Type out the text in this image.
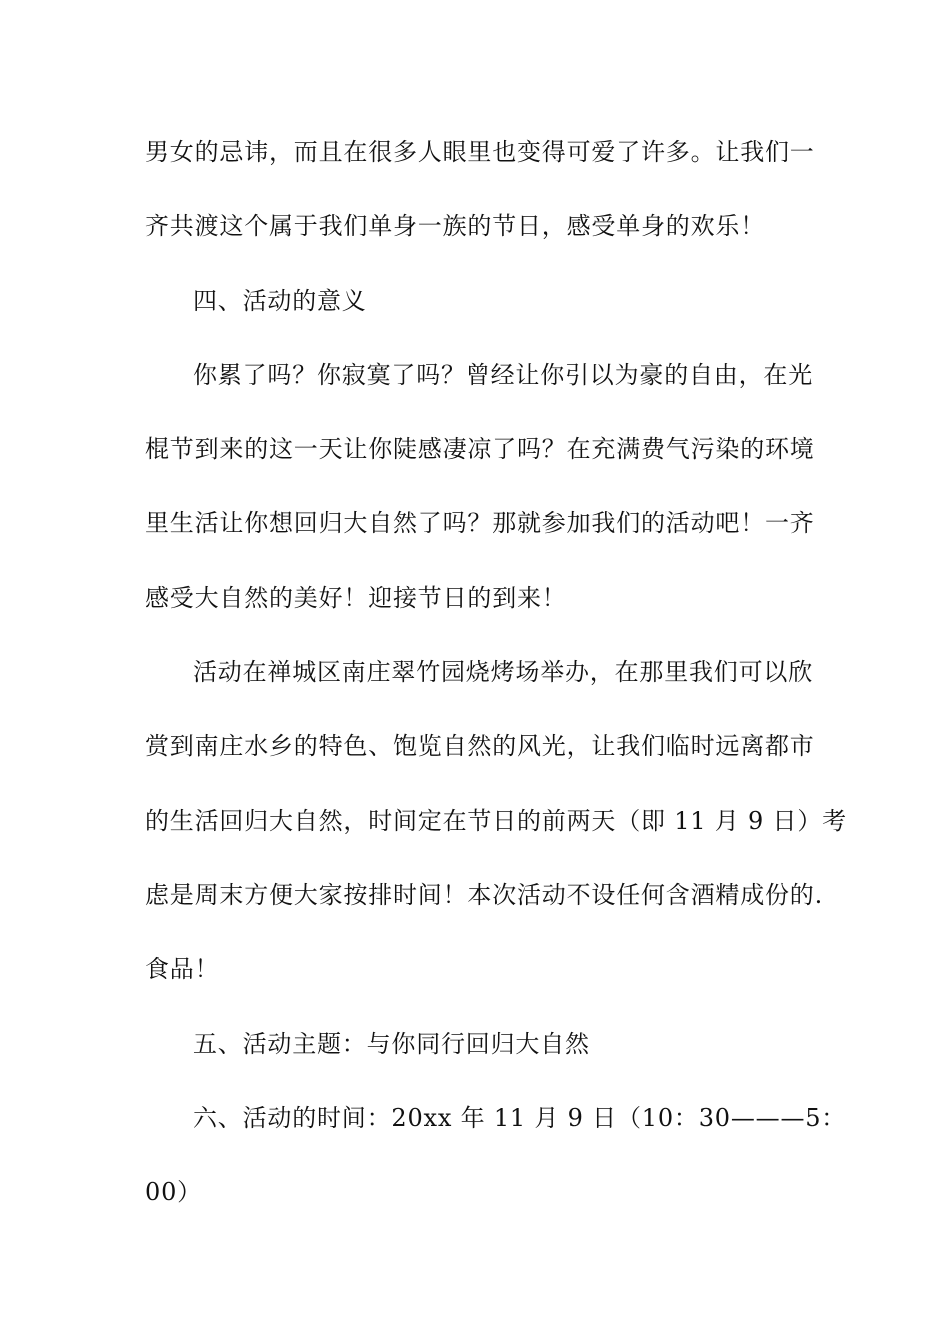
男女的忌讳，而且在很多人眼里也变得可爱了许多。让我们一
齐共渡这个属于我们单身一族的节日，感受单身的欢乐！
四、活动的意义
你累了吗？你寂寞了吗？曾经让你引以为豪的自由，在光
棍节到来的这一天让你陡感凄凉了吗？在充满费气污染的环境
里生活让你想回归大自然了吗？那就参加我们的活动吧！一齐
感受大自然的美好！迎接节日的到来！
活动在禅城区南庄翠竹园烧烤场举办，在那里我们可以欣
赏到南庄水乡的特色、饱览自然的风光，让我们临时远离都市
的生活回归大自然，时间定在节日的前两天（即 11 月 9 日）考
虑是周末方便大家按排时间！本次活动不设任何含酒精成份的.
食品！
五、活动主题：与你同行回归大自然
六、活动的时间：20xx 年 11 月 9 日（10：30———5：
00）
